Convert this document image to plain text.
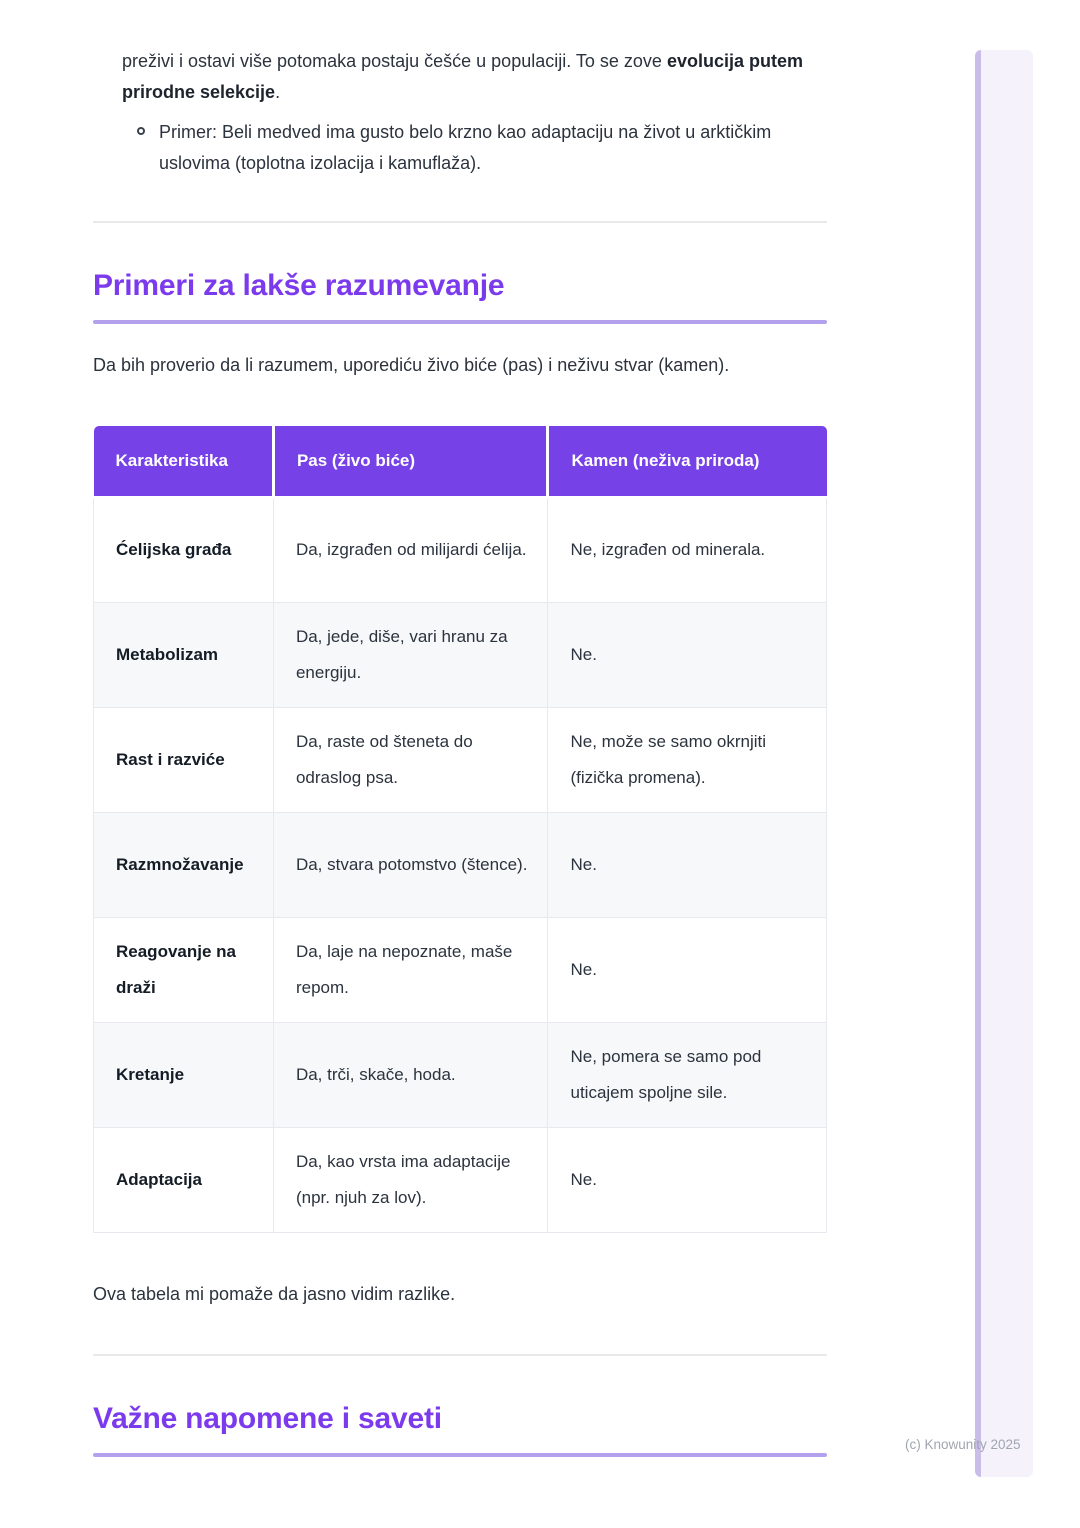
preživi i ostavi više potomaka postaju češće u populaciji. To se zove evolucija putem prirodne selekcije.

Primer: Beli medved ima gusto belo krzno kao adaptaciju na život u arktičkim uslovima (toplotna izolacija i kamuflaža).

Primeri za lakše razumevanje

Da bih proverio da li razumem, uporediću živo biće (pas) i neživu stvar (kamen).

Karakteristika	Pas (živo biće)	Kamen (neživa priroda)
Ćelijska građa	Da, izgrađen od milijardi ćelija.	Ne, izgrađen od minerala.
Metabolizam	Da, jede, diše, vari hranu za energiju.	Ne.
Rast i razviće	Da, raste od šteneta do odraslog psa.	Ne, može se samo okrnjiti (fizička promena).
Razmnožavanje	Da, stvara potomstvo (štence).	Ne.
Reagovanje na draži	Da, laje na nepoznate, maše repom.	Ne.
Kretanje	Da, trči, skače, hoda.	Ne, pomera se samo pod uticajem spoljne sile.
Adaptacija	Da, kao vrsta ima adaptacije (npr. njuh za lov).	Ne.

Ova tabela mi pomaže da jasno vidim razlike.

Važne napomene i saveti
(c) Knowunity 2025
